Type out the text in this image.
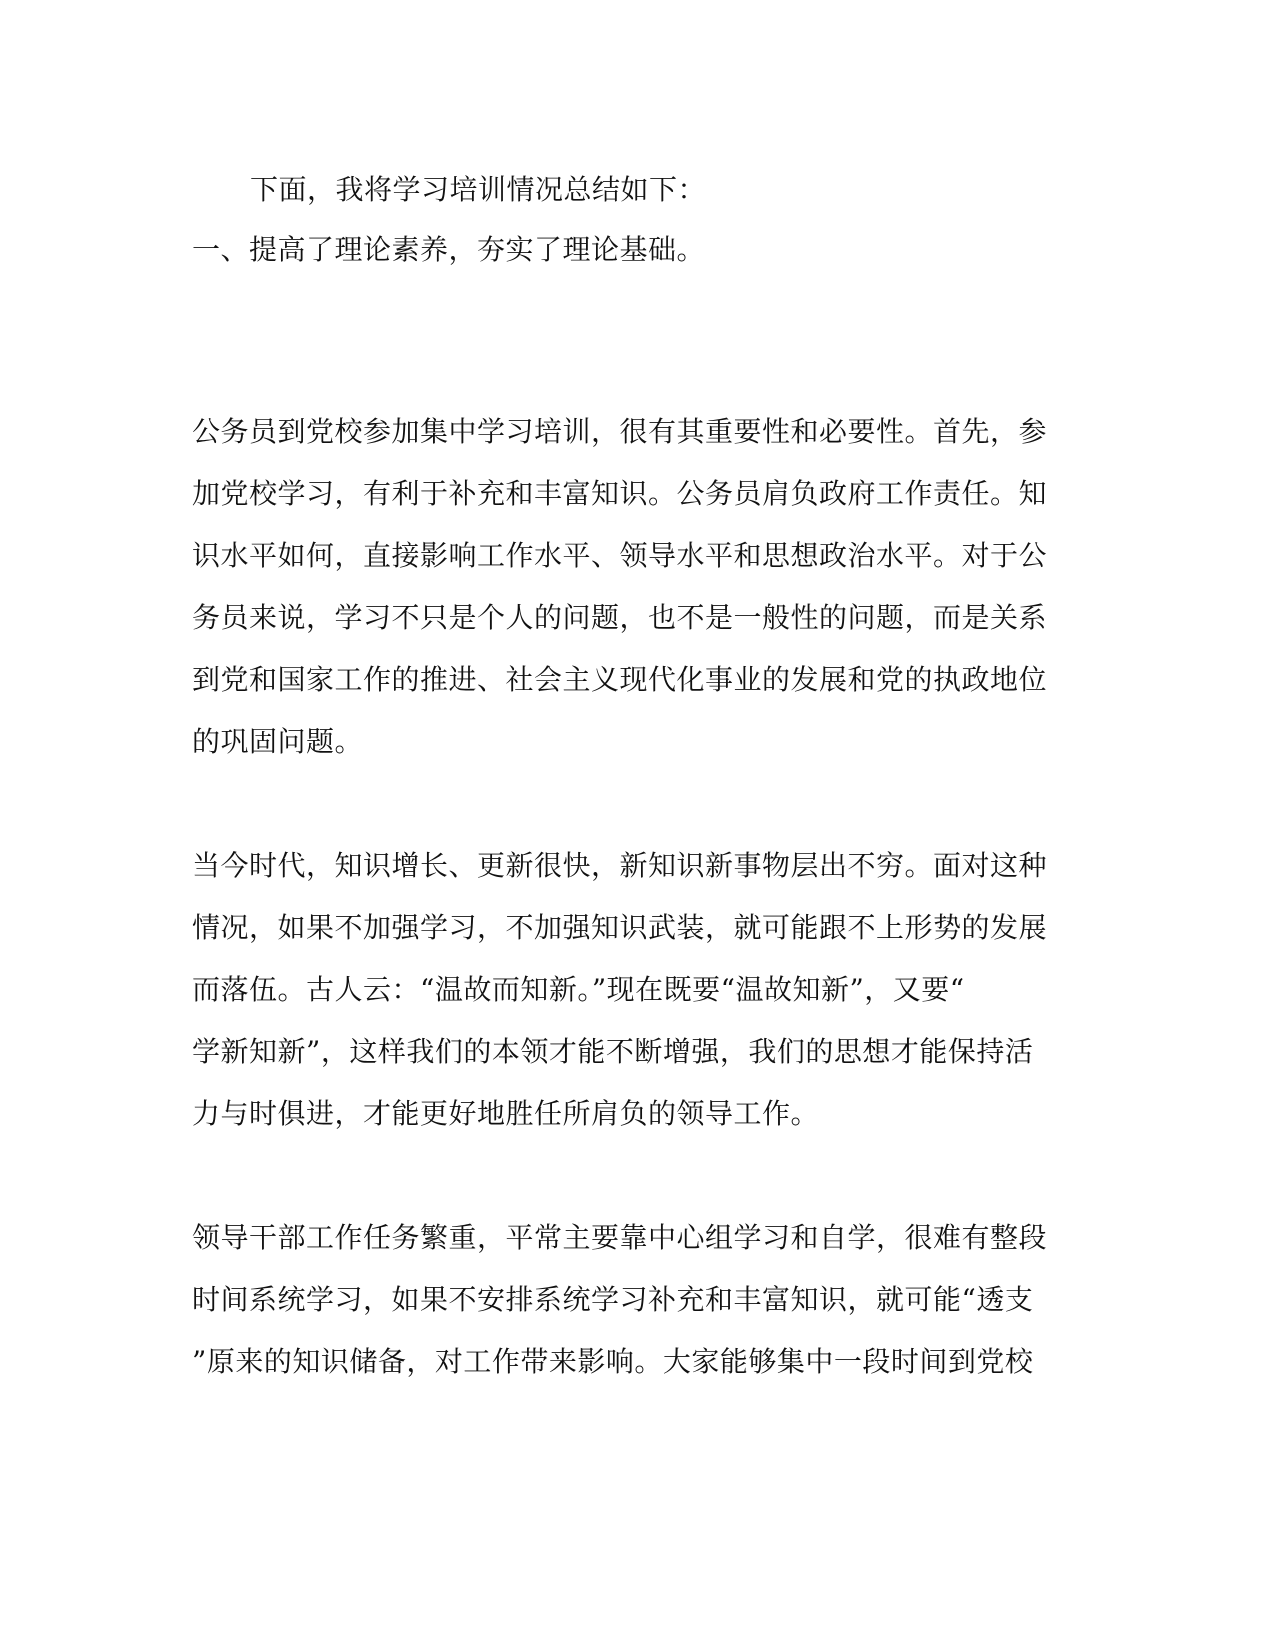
下面，我将学习培训情况总结如下：
一、提高了理论素养，夯实了理论基础。
公务员到党校参加集中学习培训，很有其重要性和必要性。首先，参
加党校学习，有利于补充和丰富知识。公务员肩负政府工作责任。知
识水平如何，直接影响工作水平、领导水平和思想政治水平。对于公
务员来说，学习不只是个人的问题，也不是一般性的问题，而是关系
到党和国家工作的推进、社会主义现代化事业的发展和党的执政地位
的巩固问题。
当今时代，知识增长、更新很快，新知识新事物层出不穷。面对这种
情况，如果不加强学习，不加强知识武装，就可能跟不上形势的发展
而落伍。古人云：“温故而知新。”现在既要“温故知新”，又要“
学新知新”，这样我们的本领才能不断增强，我们的思想才能保持活
力与时俱进，才能更好地胜任所肩负的领导工作。
领导干部工作任务繁重，平常主要靠中心组学习和自学，很难有整段
时间系统学习，如果不安排系统学习补充和丰富知识，就可能“透支
”原来的知识储备，对工作带来影响。大家能够集中一段时间到党校
